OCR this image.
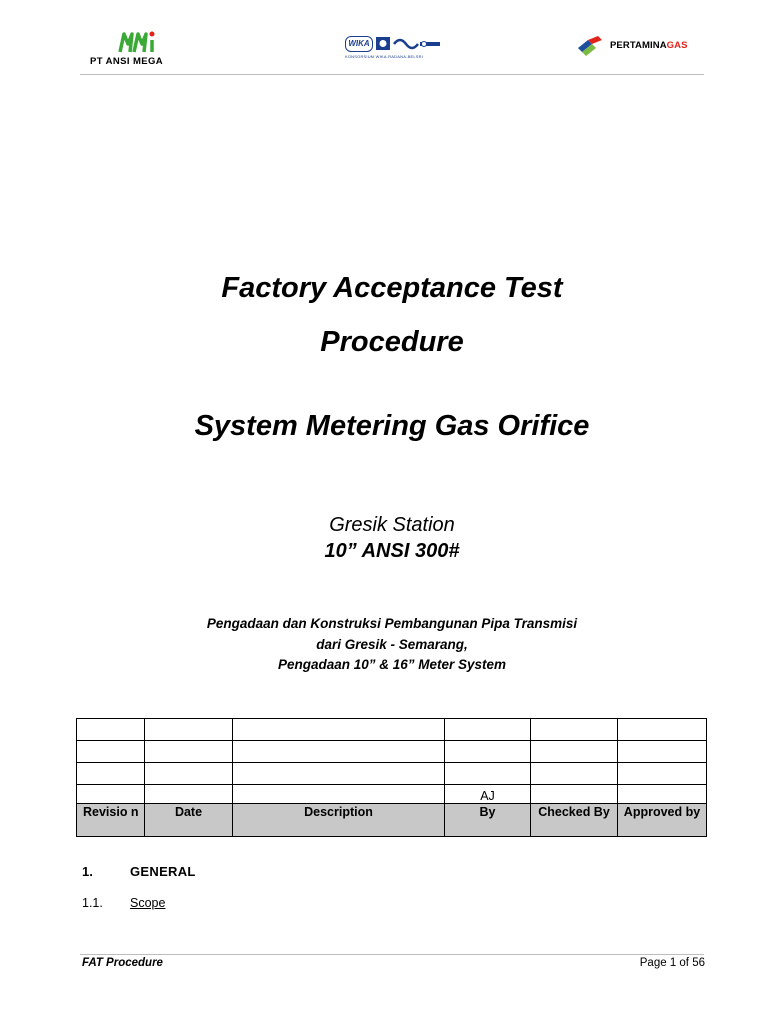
PT ANSI MEGA
WIKA
KONSORSIUM WIKA-RADANA-BELSRI
PERTAMINAGAS
Factory Acceptance Test
Procedure
System Metering Gas Orifice
Gresik Station
10” ANSI 300#
Pengadaan dan Konstruksi Pembangunan Pipa Transmisi
dari Gresik - Semarang,
Pengadaan 10” & 16” Meter System

			AJ		

Revisio n	Date	Description	By	Checked By	Approved by
1.	GENERAL
1.1. Scope
FAT Procedure	Page 1 of 56
